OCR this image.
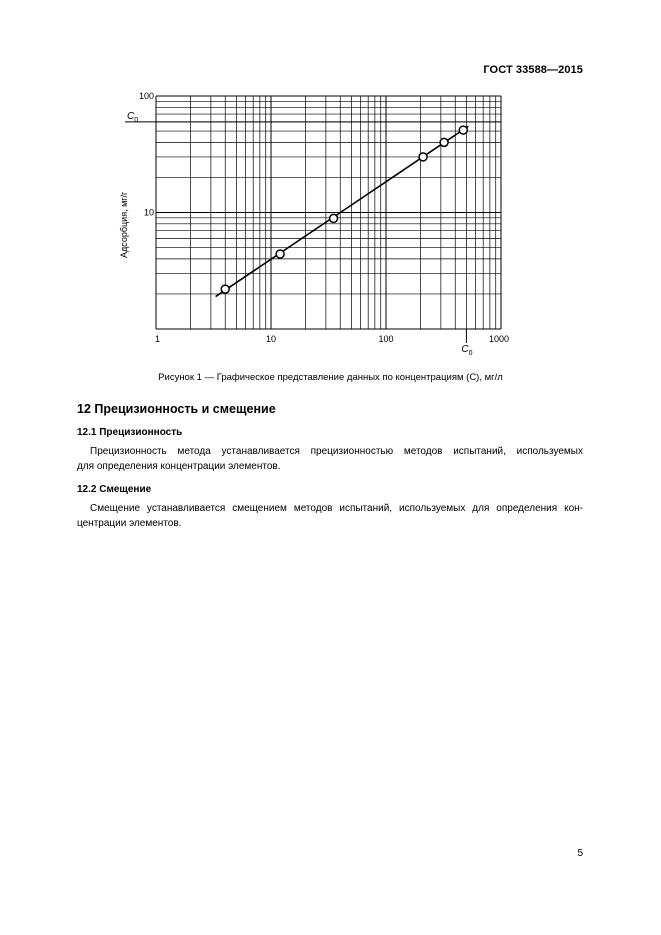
ГОСТ 33588—2015
$C_0$
$C_0$
1	10	100	1000
10
100
Адсорбция, мг/г
Рисунок 1 — Графическое представление данных по концентрациям (С), мг/л
12 Прецизионность и смещение
12.1 Прецизионность
Прецизионность метода устанавливается прецизионностью методов испытаний, используемых
для определения концентрации элементов.
12.2 Смещение
Смещение устанавливается смещением методов испытаний, используемых для определения кон-
центрации элементов.
5
